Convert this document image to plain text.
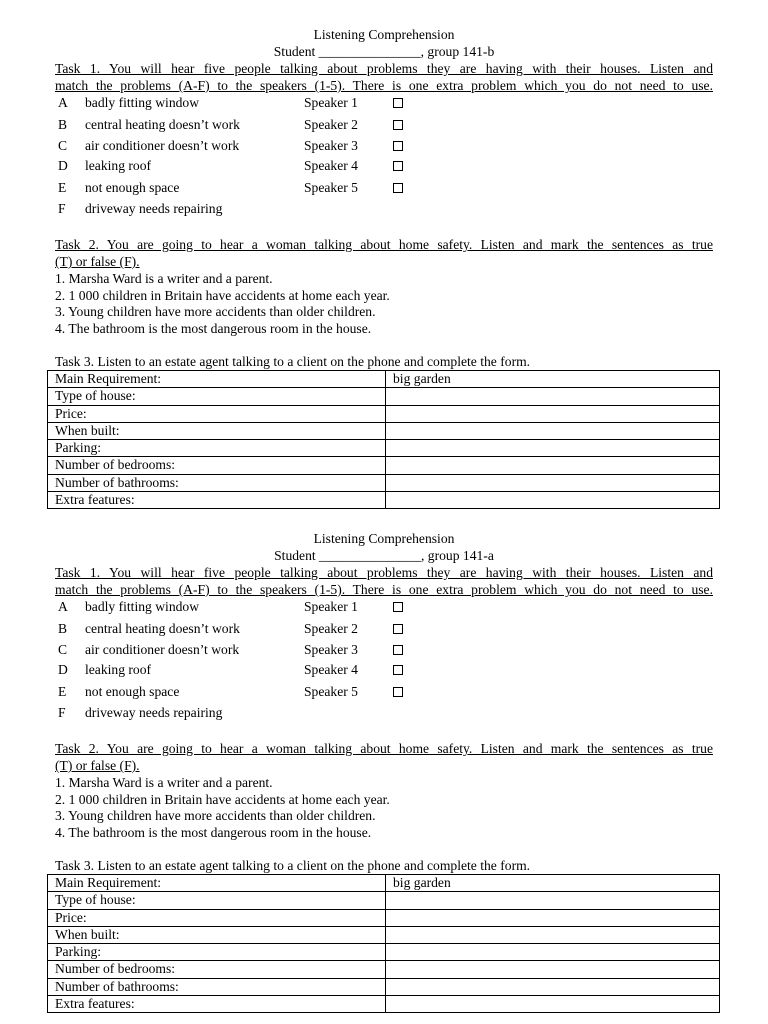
Listening Comprehension
Student _______________, group 141-b
Task 1. You will hear five people talking about problems they are having with their houses. Listen and
match the problems (A-F) to the speakers (1-5). There is one extra problem which you do not need to use.
A badly fitting window	Speaker 1
B central heating doesn’t work	Speaker 2
C air conditioner doesn’t work	Speaker 3
D leaking roof	Speaker 4
E not enough space	Speaker 5
F driveway needs repairing
Task 2. You are going to hear a woman talking about home safety. Listen and mark the sentences as true
(T) or false (F).
1. Marsha Ward is a writer and a parent.
2. 1 000 children in Britain have accidents at home each year.
3. Young children have more accidents than older children.
4. The bathroom is the most dangerous room in the house.
Task 3. Listen to an estate agent talking to a client on the phone and complete the form.
Main Requirement:	big garden
Type of house:	
Price:	
When built:	
Parking:	
Number of bedrooms:	
Number of bathrooms:	
Extra features:	
Listening Comprehension
Student _______________, group 141-a
Task 1. You will hear five people talking about problems they are having with their houses. Listen and
match the problems (A-F) to the speakers (1-5). There is one extra problem which you do not need to use.
A badly fitting window	Speaker 1
B central heating doesn’t work	Speaker 2
C air conditioner doesn’t work	Speaker 3
D leaking roof	Speaker 4
E not enough space	Speaker 5
F driveway needs repairing
Task 2. You are going to hear a woman talking about home safety. Listen and mark the sentences as true
(T) or false (F).
1. Marsha Ward is a writer and a parent.
2. 1 000 children in Britain have accidents at home each year.
3. Young children have more accidents than older children.
4. The bathroom is the most dangerous room in the house.
Task 3. Listen to an estate agent talking to a client on the phone and complete the form.
Main Requirement:	big garden
Type of house:	
Price:	
When built:	
Parking:	
Number of bedrooms:	
Number of bathrooms:	
Extra features:	
